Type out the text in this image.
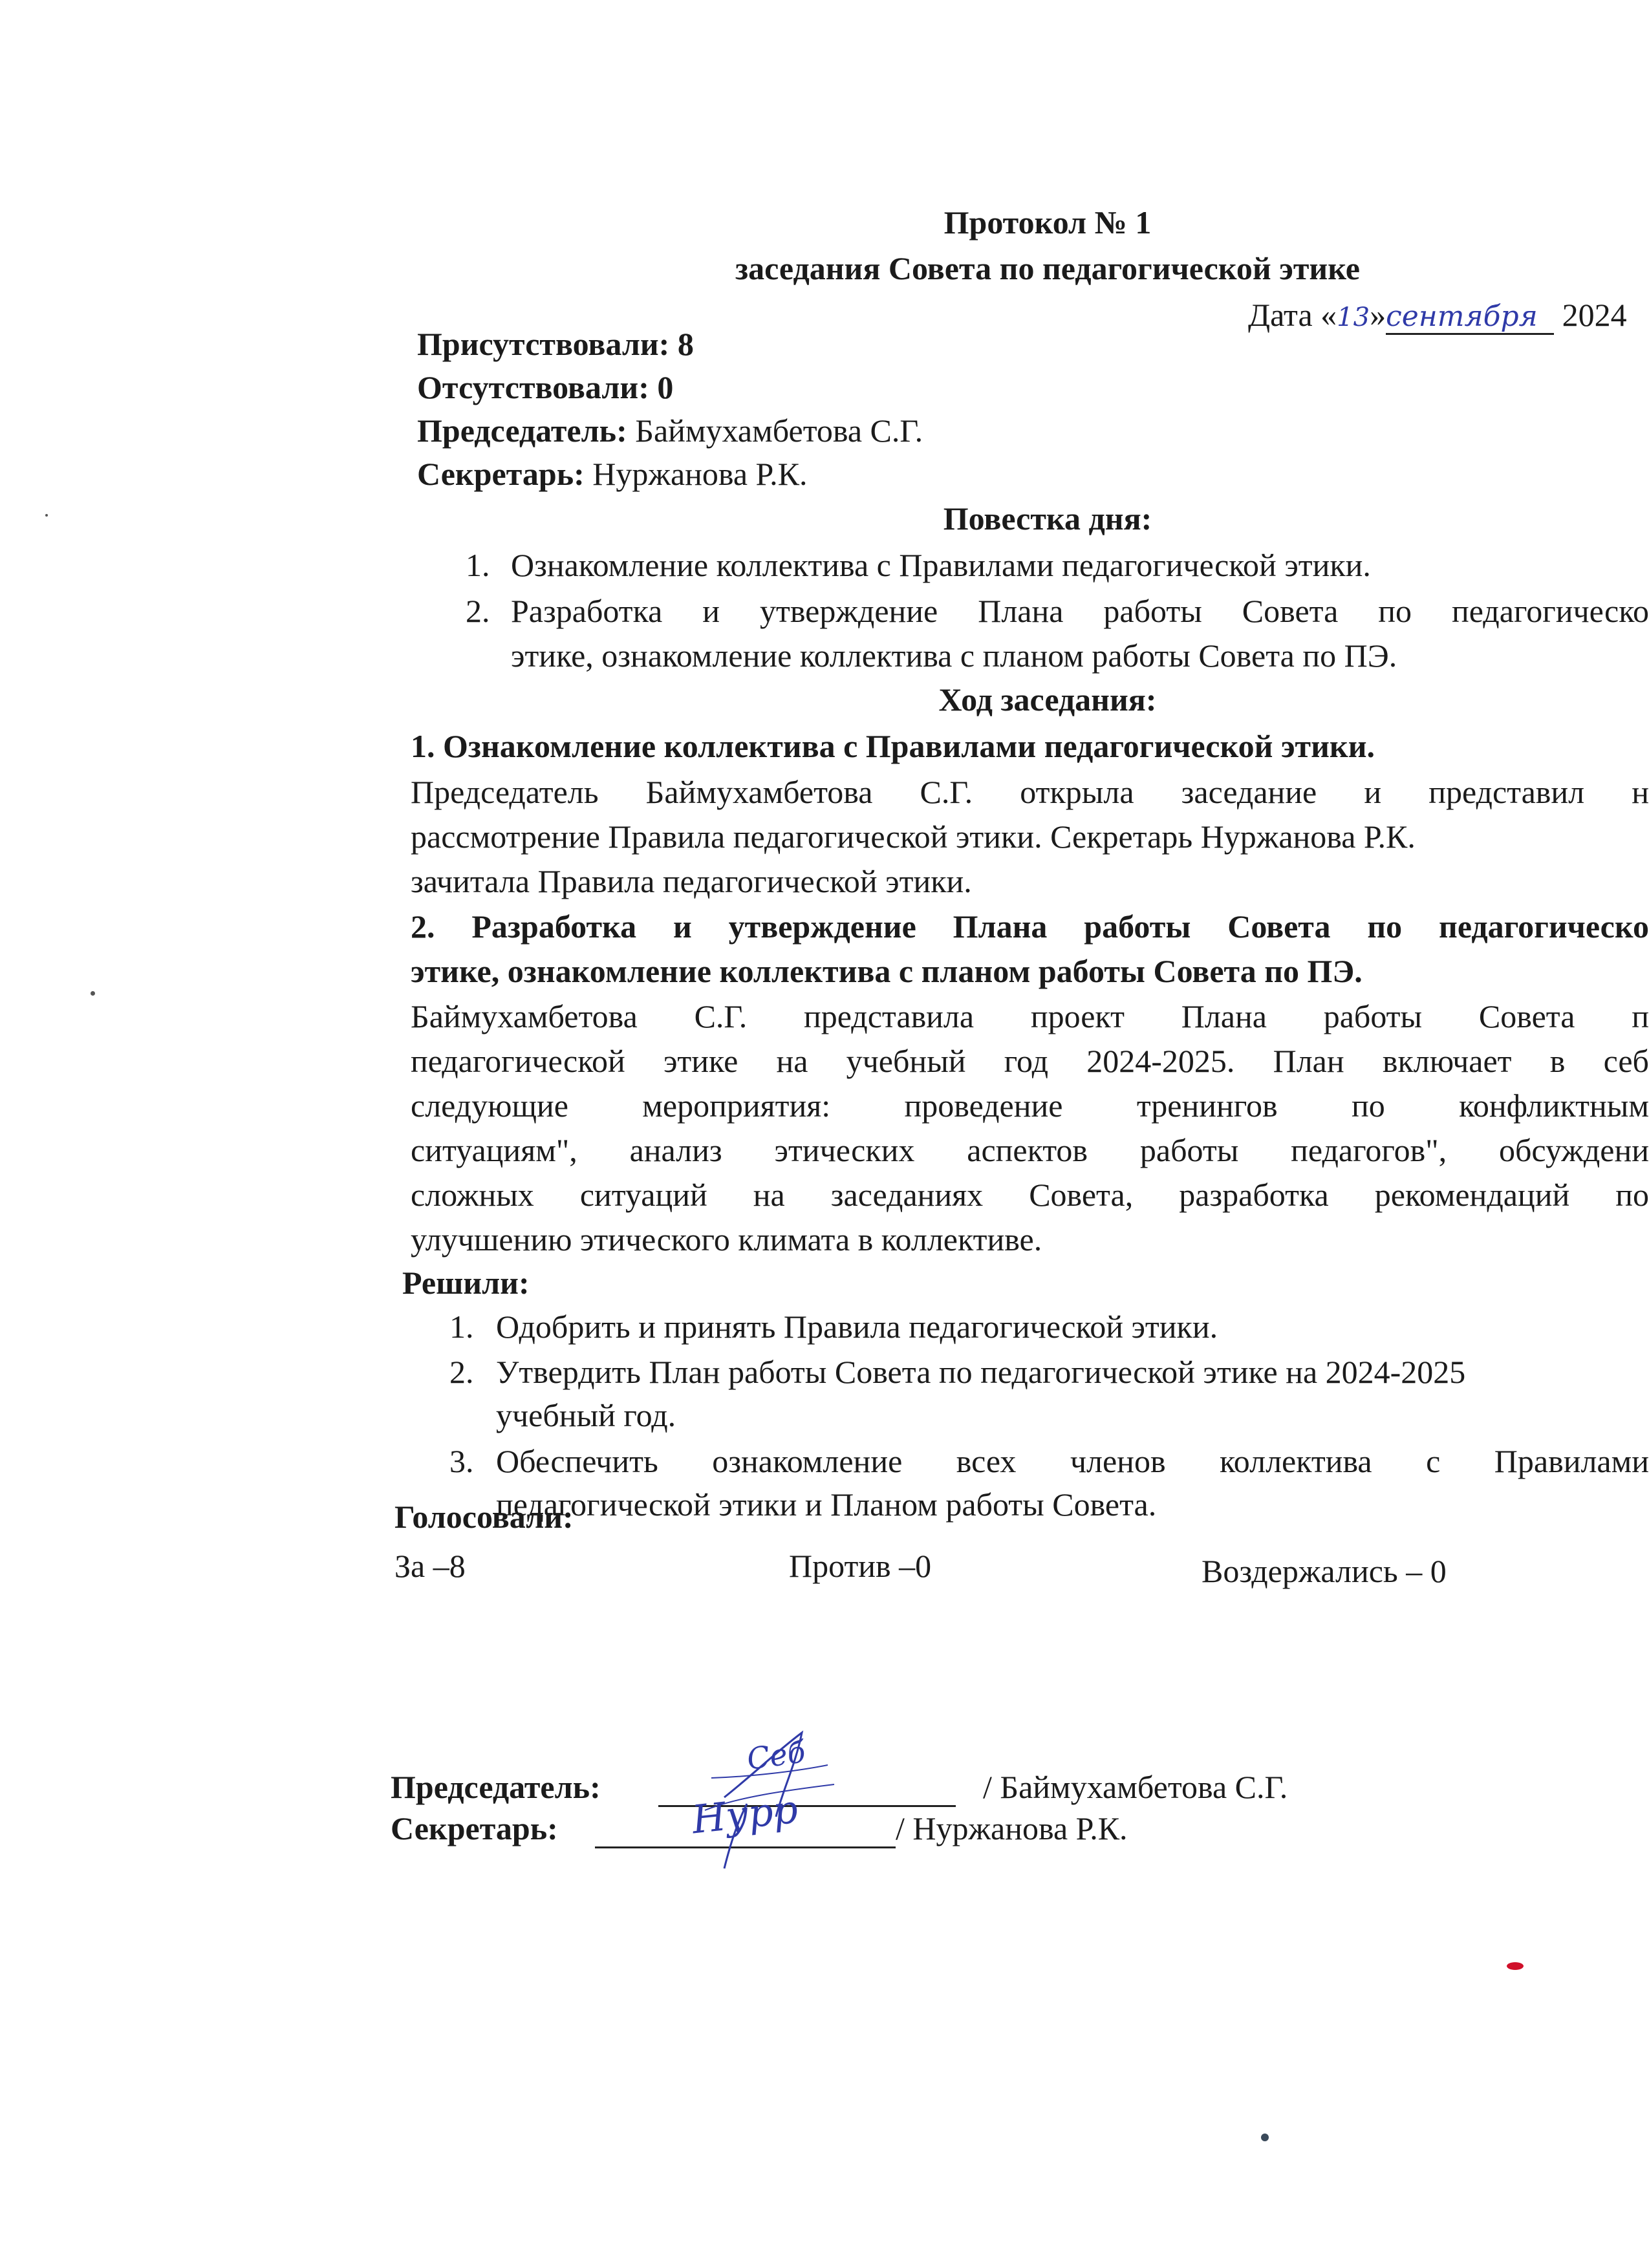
Протокол № 1
заседания Совета по педагогической этике
Дата «13»сентября 2024
Присутствовали: 8
Отсутствовали: 0
Председатель: Баймухамбетова С.Г.
Секретарь: Нуржанова Р.К.
Повестка дня:
1. Ознакомление коллектива с Правилами педагогической этики.
2. Разработка и утверждение Плана работы Совета по педагогическо
этике, ознакомление коллектива с планом работы Совета по ПЭ.
Ход заседания:
1. Ознакомление коллектива с Правилами педагогической этики.
Председатель Баймухамбетова С.Г. открыла заседание и представил н
рассмотрение Правила педагогической этики. Секретарь Нуржанова Р.К.
зачитала Правила педагогической этики.
2. Разработка и утверждение Плана работы Совета по педагогическо
этике, ознакомление коллектива с планом работы Совета по ПЭ.
Баймухамбетова С.Г. представила проект Плана работы Совета п
педагогической этике на учебный год 2024-2025. План включает в себ
следующие мероприятия: проведение тренингов по конфликтным
ситуациям", анализ этических аспектов работы педагогов", обсуждени
сложных ситуаций на заседаниях Совета, разработка рекомендаций по
улучшению этического климата в коллективе.
Решили:
1. Одобрить и принять Правила педагогической этики.
2. Утвердить План работы Совета по педагогической этике на 2024-2025
учебный год.
3. Обеспечить ознакомление всех членов коллектива с Правилами
педагогической этики и Планом работы Совета.
Голосовали:
За –8	Против –0	Воздержались – 0
Председатель:	/ Баймухамбетова С.Г.
Себ
Секретарь:	/ Нуржанова Р.К.
Нурр
